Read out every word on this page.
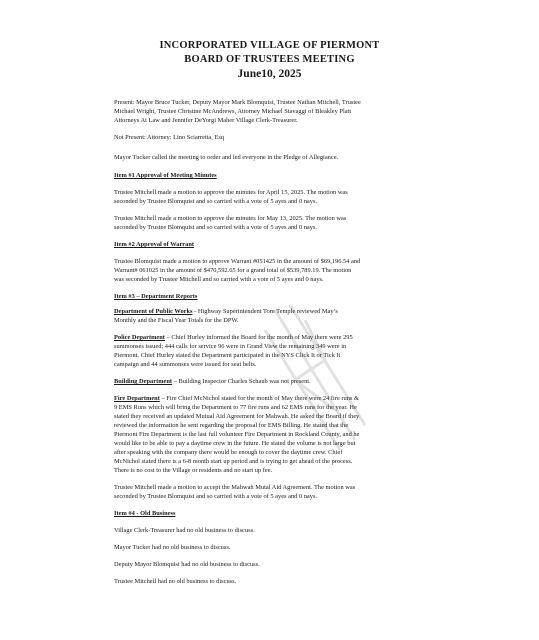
INCORPORATED VILLAGE OF PIERMONT
BOARD OF TRUSTEES MEETING
June10, 2025
Present: Mayor Bruce Tucker, Deputy Mayor Mark Blomquist, Trustee Nathan Mitchell, Trustee
Michael Wright, Trustee Christine McAndrews, Attorney Michael Stavaggi of Bleakley Platt
Attorneys At Law and Jennifer DeYorgi Maher Village Clerk-Treasurer.
Not Present: Attorney: Lino Sciarretta, Esq
Mayor Tucker called the meeting to order and led everyone in the Pledge of Allegiance.
Item #1 Approval of Meeting Minutes
Trustee Mitchell made a motion to approve the minutes for April 15, 2025. The motion was
seconded by Trustee Blomquist and so carried with a vote of 5 ayes and 0 nays.
Trustee Mitchell made a motion to approve the minutes for May 13, 2025. The motion was
seconded by Trustee Blomquist and so carried with a vote of 5 ayes and 0 nays.
Item #2 Approval of Warrant
Trustee Blomquist made a motion to approve Warrant #051425 in the amount of $69,196.54 and
Warrant# 061025 in the amount of $470,592.65 for a grand total of $539,789.19. The motion
was seconded by Trustee Mitchell and so carried with a vote of 5 ayes and 0 nays.
Item #3 – Department Reports
Department of Public Works - Highway Superintendent Tom Temple reviewed May’s
Monthly and the Fiscal Year Totals for the DPW.
Police Department – Chief Hurley informed the Board for the month of May there were 295
summonses issued; 444 calls for service 96 were in Grand View the remaining 349 were in
Piermont. Chief Hurley stated the Department participated in the NYS Click It or Tick It
campaign and 44 summonses were issued for seat belts.
Building Department – Building Inspector Charles Schaub was not present.
Fire Department – Fire Chief McNichol stated for the month of May there were 24 fire runs &
9 EMS Runs which will bring the Department to 77 fire runs and 62 EMS runs for the year. He
stated they received an updated Mutual Aid Agreement for Mahwah. He asked the Board if they
reviewed the information he sent regarding the proposal for EMS Billing. He stated that the
Piermont Fire Department is the last full volunteer Fire Department in Rockland County, and he
would like to be able to pay a daytime crew in the future. He stated the volume is not large but
after speaking with the company there would be enough to cover the daytime crew. Chief
McNichol stated there is a 6-8 month start up period and is trying to get ahead of the process.
There is no cost to the Village or residents and no start up fee.
Trustee Mitchell made a motion to accept the Mahwah Mutal Aid Agreement. The motion was
seconded by Trustee Blomquist and so carried with a vote of 5 ayes and 0 nays.
Item #4 - Old Business
Village Clerk-Treasurer had no old business to discuss.
Mayor Tucker had no old business to discuss.
Deputy Mayor Blomquist had no old business to discuss.
Trustee Mitchell had no old business to discuss.
